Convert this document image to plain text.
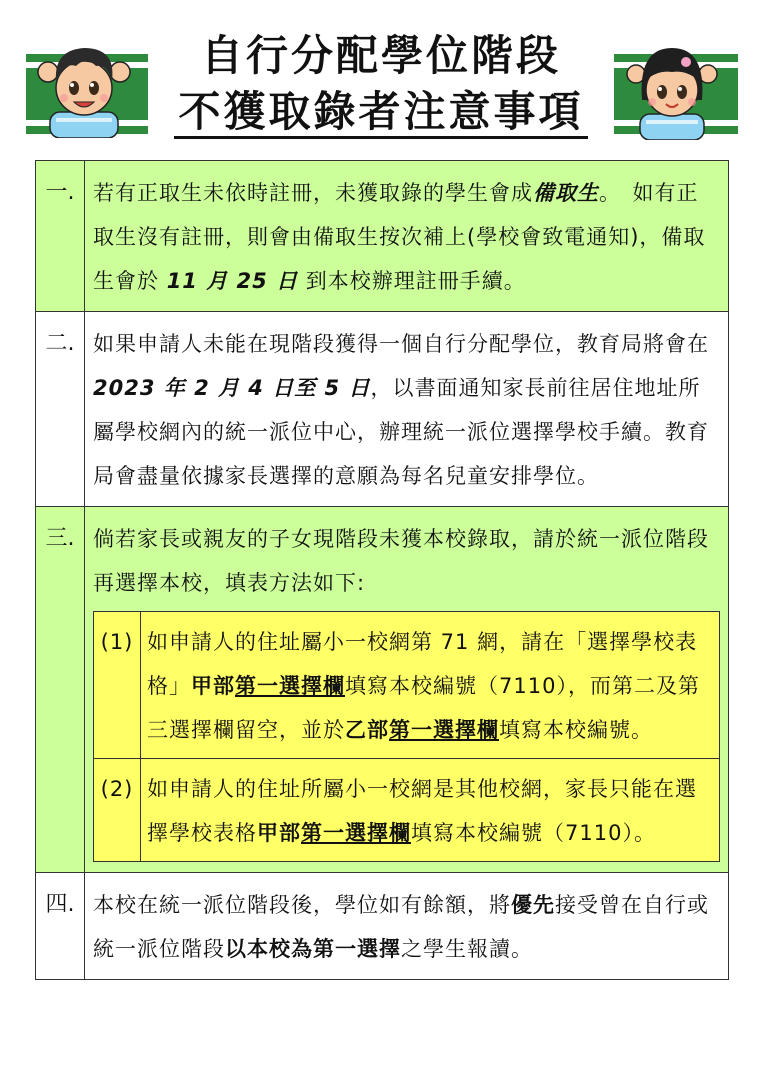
自行分配學位階段
不獲取錄者注意事項
一.	若有正取生未依時註冊，未獲取錄的學生會成備取生。　如有正取生沒有註冊，則會由備取生按次補上(學校會致電通知)，備取生會於 11 月 25 日 到本校辦理註冊手續。
二.	如果申請人未能在現階段獲得一個自行分配學位，教育局將會在 2023 年 2 月 4 日至 5 日，以書面通知家長前往居住地址所屬學校網內的統一派位中心，辦理統一派位選擇學校手續。教育局會盡量依據家長選擇的意願為每名兒童安排學位。
三.	倘若家長或親友的子女現階段未獲本校錄取，請於統一派位階段再選擇本校，填表方法如下:
(1)	如申請人的住址屬小一校網第 71 網，請在「選擇學校表格」甲部第一選擇欄填寫本校編號（7110），而第二及第三選擇欄留空，並於乙部第一選擇欄填寫本校編號。
(2)	如申請人的住址所屬小一校網是其他校網，家長只能在選擇學校表格甲部第一選擇欄填寫本校編號（7110）。

四.	本校在統一派位階段後，學位如有餘額，將優先接受曾在自行或統一派位階段以本校為第一選擇之學生報讀。
